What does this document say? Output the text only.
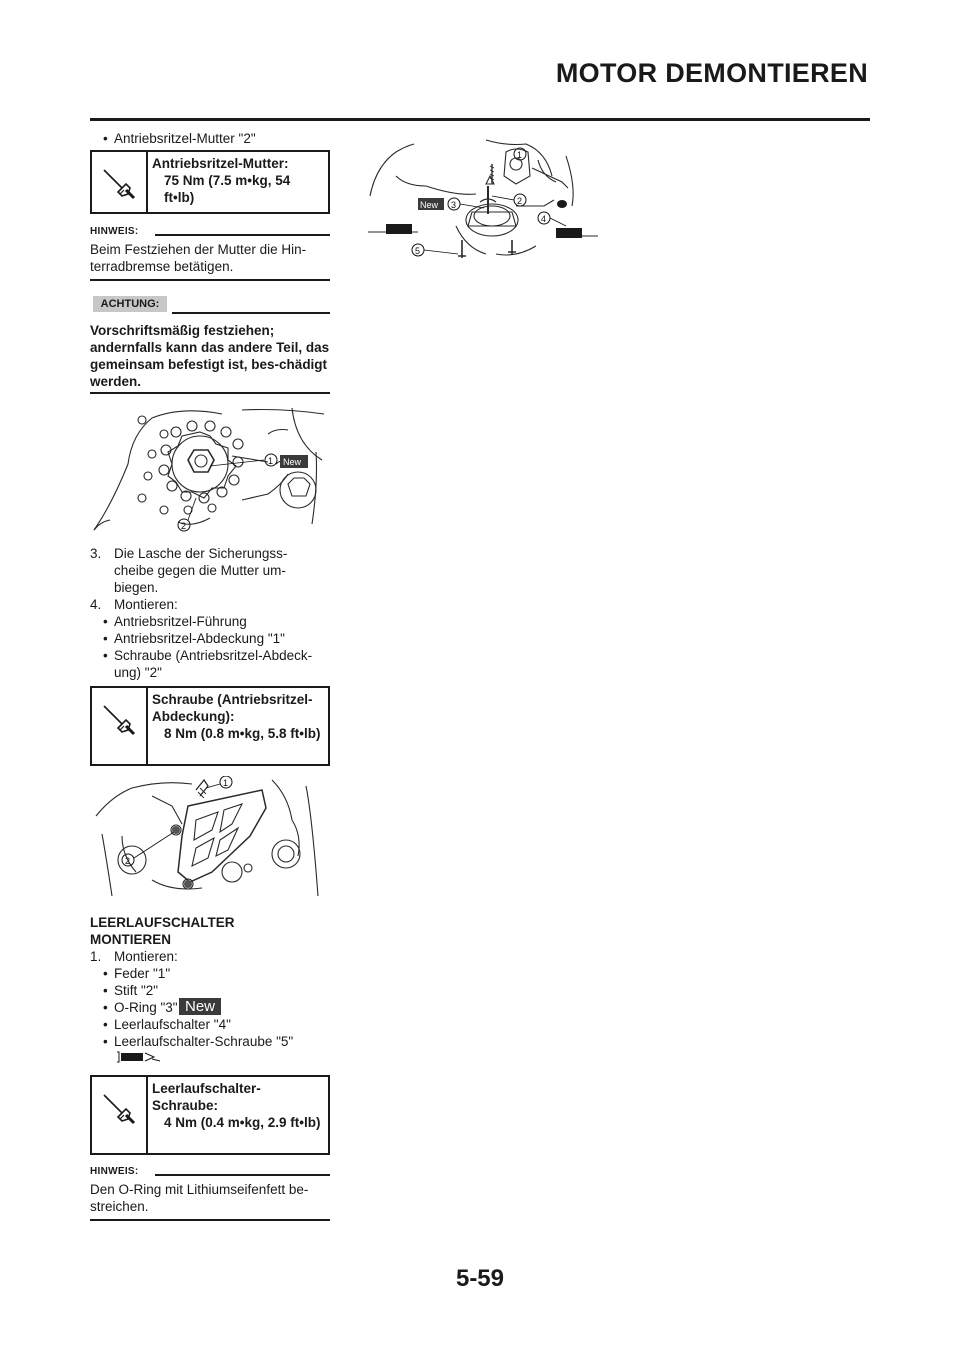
MOTOR DEMONTIEREN
• Antriebsritzel-Mutter "2"
Antriebsritzel-Mutter:
75 Nm (7.5 m•kg, 54 ft•lb)
HINWEIS:
Beim Festziehen der Mutter die Hin-terradbremse betätigen.
ACHTUNG:
Vorschriftsmäßig festziehen; andernfalls kann das andere Teil, das gemeinsam befestigt ist, bes-chädigt werden.
1 New
2
3. Die Lasche der Sicherungss-cheibe gegen die Mutter um-biegen.
4. Montieren:
• Antriebsritzel-Führung
• Antriebsritzel-Abdeckung "1"
• Schraube (Antriebsritzel-Abdeck-ung) "2"
Schraube (Antriebsritzel-Abdeckung):
8 Nm (0.8 m•kg, 5.8 ft•lb)
1
2
LEERLAUFSCHALTER
MONTIEREN
1. Montieren:
• Feder "1"
• Stift "2"
• O-Ring "3" New
• Leerlaufschalter "4"
• Leerlaufschalter-Schraube "5"
Leerlaufschalter-Schraube:
4 Nm (0.4 m•kg, 2.9 ft•lb)
HINWEIS:
Den O-Ring mit Lithiumseifenfett be-streichen.
New
1
2
3
4
5
5-59
